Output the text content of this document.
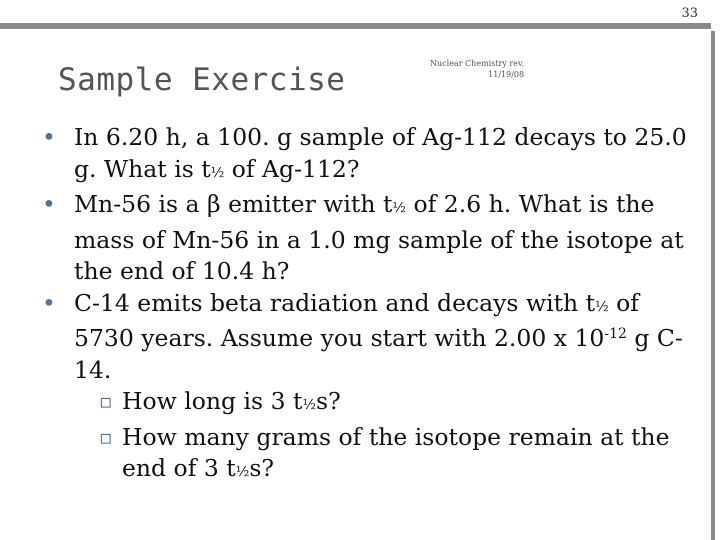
33
Sample Exercise	Nuclear Chemistry rev.
11/19/08
• In 6.20 h, a 100. g sample of Ag-112 decays to 25.0 g. What is t½ of Ag-112?
• Mn-56 is a β emitter with t½ of 2.6 h. What is the mass of Mn-56 in a 1.0 mg sample of the isotope at the end of 10.4 h?
• C-14 emits beta radiation and decays with t½ of 5730 years. Assume you start with 2.00 x $10^{-12}$ g C-14.
▫ How long is 3 t½s?
▫ How many grams of the isotope remain at the end of 3 t½s?
